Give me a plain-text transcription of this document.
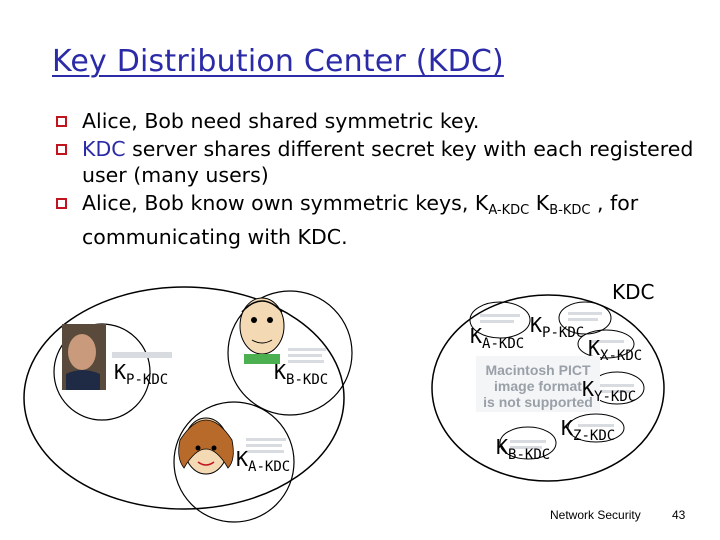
Key Distribution Center (KDC)
Alice, Bob need shared symmetric key.
KDC server shares different secret key with each registered user (many users)
Alice, Bob know own symmetric keys, $K_{A-KDC}$ $K_{B-KDC}$ , for communicating with KDC.
KDC
Macintosh PICT
image format
is not supported
$K_{P-KDC}$	$K_{B-KDC}$
$K_{A-KDC}$
$K_{A-KDC}$
$K_{P-KDC}$
$K_{X-KDC}$
$K_{Y-KDC}$
$K_{Z-KDC}$
$K_{B-KDC}$
Network Security	43
